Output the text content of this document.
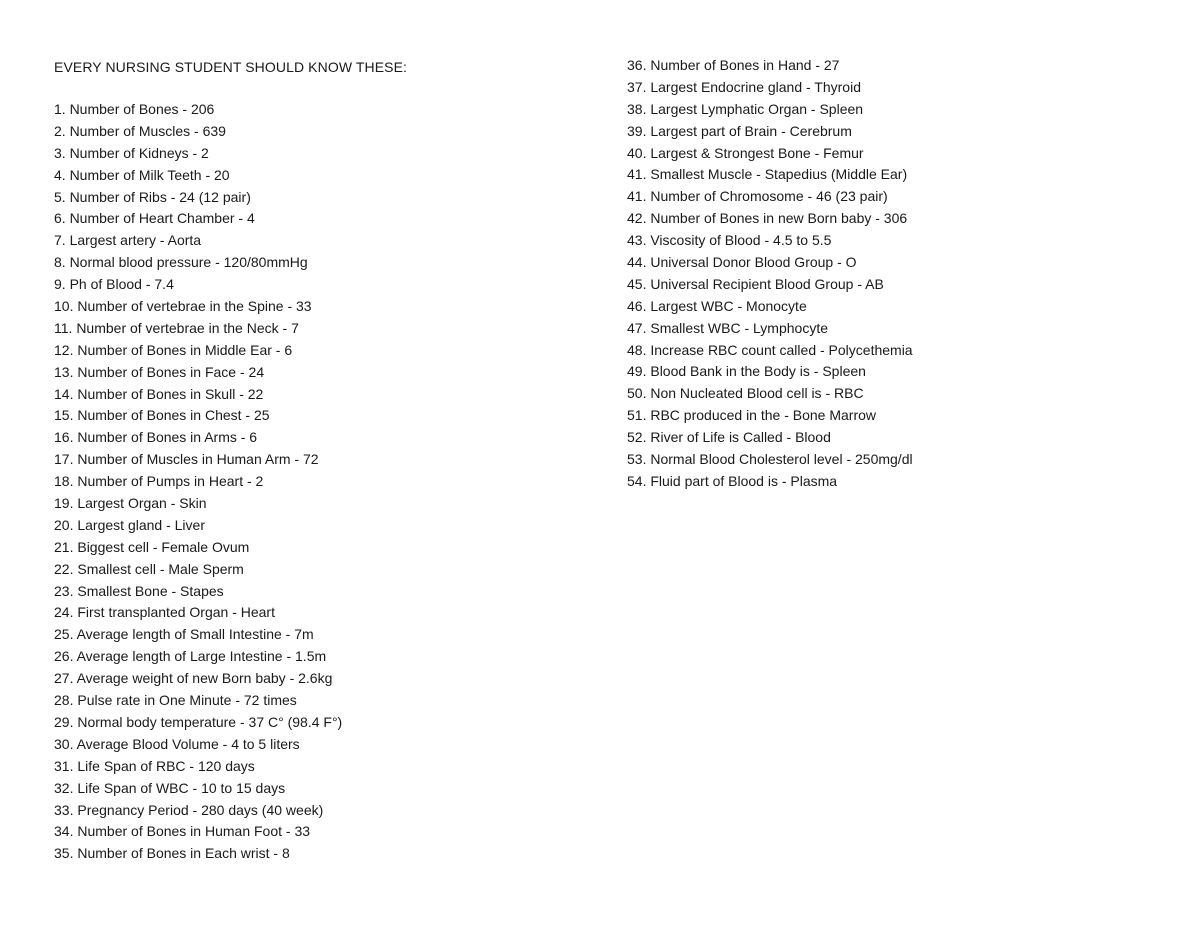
EVERY NURSING STUDENT SHOULD KNOW THESE:
1. Number of Bones - 206
2. Number of Muscles - 639
3. Number of Kidneys - 2
4. Number of Milk Teeth - 20
5. Number of Ribs - 24 (12 pair)
6. Number of Heart Chamber - 4
7. Largest artery - Aorta
8. Normal blood pressure - 120/80mmHg
9. Ph of Blood - 7.4
10. Number of vertebrae in the Spine - 33
11. Number of vertebrae in the Neck - 7
12. Number of Bones in Middle Ear - 6
13. Number of Bones in Face - 24
14. Number of Bones in Skull - 22
15. Number of Bones in Chest - 25
16. Number of Bones in Arms - 6
17. Number of Muscles in Human Arm - 72
18. Number of Pumps in Heart - 2
19. Largest Organ - Skin
20. Largest gland - Liver
21. Biggest cell - Female Ovum
22. Smallest cell - Male Sperm
23. Smallest Bone - Stapes
24. First transplanted Organ - Heart
25. Average length of Small Intestine - 7m
26. Average length of Large Intestine - 1.5m
27. Average weight of new Born baby - 2.6kg
28. Pulse rate in One Minute - 72 times
29. Normal body temperature - 37 C° (98.4 F°)
30. Average Blood Volume - 4 to 5 liters
31. Life Span of RBC - 120 days
32. Life Span of WBC - 10 to 15 days
33. Pregnancy Period - 280 days (40 week)
34. Number of Bones in Human Foot - 33
35. Number of Bones in Each wrist - 8
36. Number of Bones in Hand - 27
37. Largest Endocrine gland - Thyroid
38. Largest Lymphatic Organ - Spleen
39. Largest part of Brain - Cerebrum
40. Largest & Strongest Bone - Femur
41. Smallest Muscle - Stapedius (Middle Ear)
41. Number of Chromosome - 46 (23 pair)
42. Number of Bones in new Born baby - 306
43. Viscosity of Blood - 4.5 to 5.5
44. Universal Donor Blood Group - O
45. Universal Recipient Blood Group - AB
46. Largest WBC - Monocyte
47. Smallest WBC - Lymphocyte
48. Increase RBC count called - Polycethemia
49. Blood Bank in the Body is - Spleen
50. Non Nucleated Blood cell is - RBC
51. RBC produced in the - Bone Marrow
52. River of Life is Called - Blood
53. Normal Blood Cholesterol level - 250mg/dl
54. Fluid part of Blood is - Plasma
